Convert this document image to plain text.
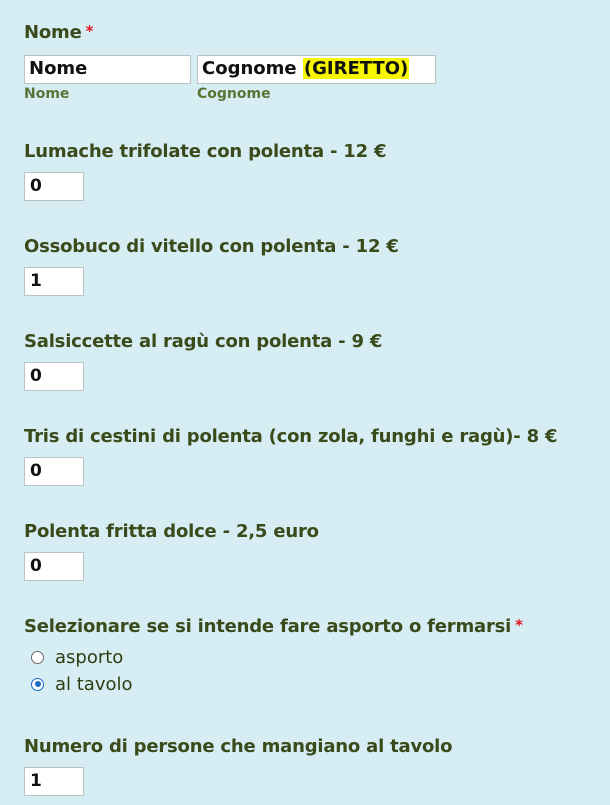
Nome *
Nome	Cognome (GIRETTO)
Nome	Cognome
Lumache trifolate con polenta - 12 €
0
Ossobuco di vitello con polenta - 12 €
1
Salsiccette al ragù con polenta - 9 €
0
Tris di cestini di polenta (con zola, funghi e ragù)- 8 €
0
Polenta fritta dolce - 2,5 euro
0
Selezionare se si intende fare asporto o fermarsi *
asporto
al tavolo
Numero di persone che mangiano al tavolo
1
